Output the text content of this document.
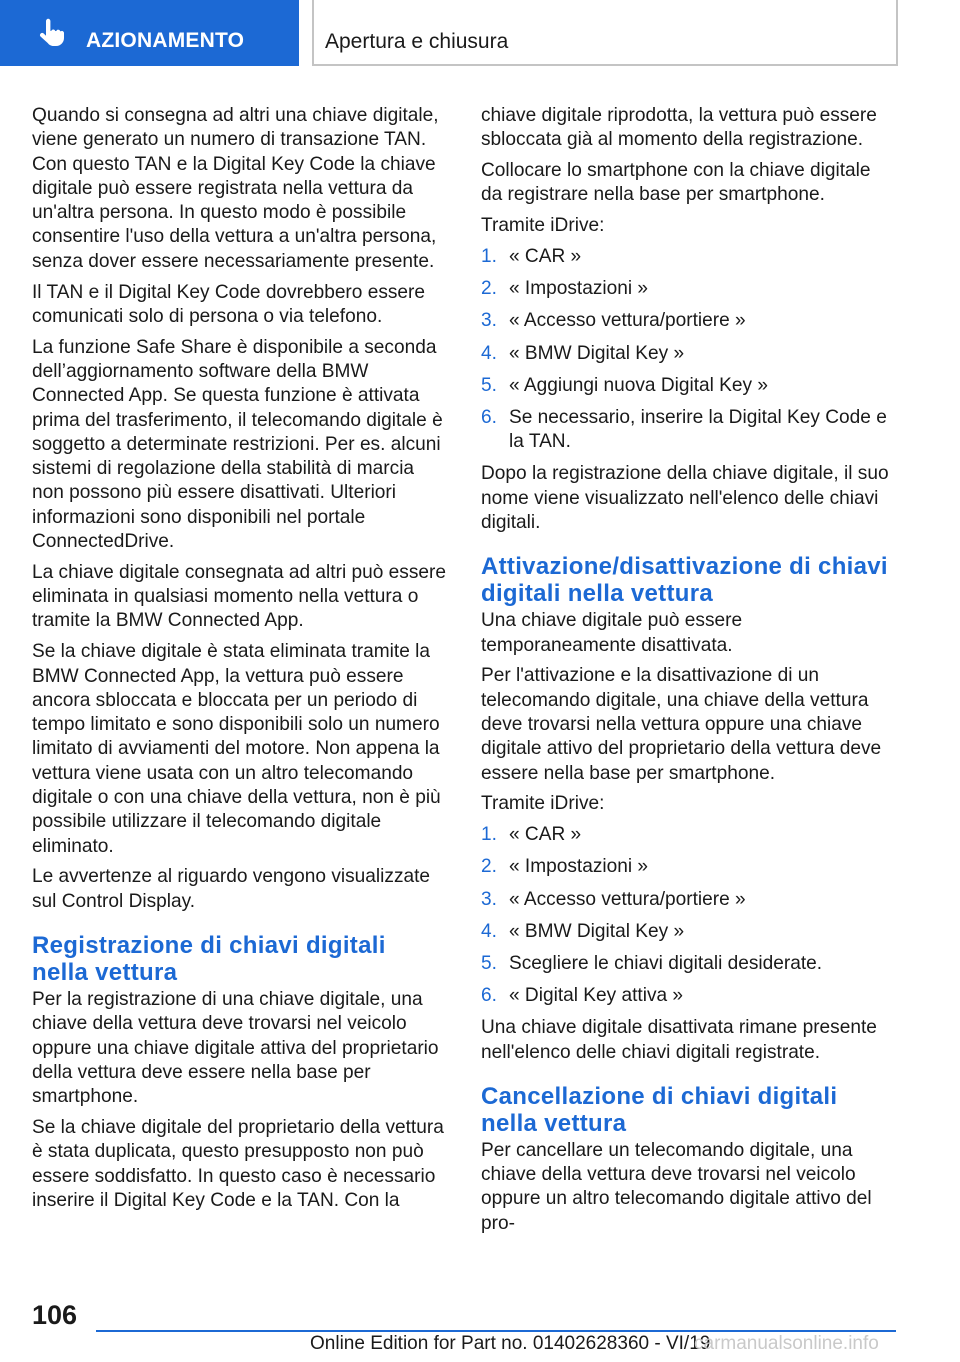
AZIONAMENTO	Apertura e chiusura

Quando si consegna ad altri una chiave digitale, viene generato un numero di transazione TAN. Con questo TAN e la Digital Key Code la chiave digitale può essere registrata nella vettura da un'altra persona. In questo modo è possibile consentire l'uso della vettura a un'altra persona, senza dover essere necessariamente presente.

Il TAN e il Digital Key Code dovrebbero essere comunicati solo di persona o via telefono.

La funzione Safe Share è disponibile a seconda dell’aggiornamento software della BMW Connected App. Se questa funzione è attivata prima del trasferimento, il telecomando digitale è soggetto a determinate restrizioni. Per es. alcuni sistemi di regolazione della stabilità di marcia non possono più essere disattivati. Ulteriori informazioni sono disponibili nel portale ConnectedDrive.

La chiave digitale consegnata ad altri può essere eliminata in qualsiasi momento nella vettura o tramite la BMW Connected App.

Se la chiave digitale è stata eliminata tramite la BMW Connected App, la vettura può essere ancora sbloccata e bloccata per un periodo di tempo limitato e sono disponibili solo un numero limitato di avviamenti del motore. Non appena la vettura viene usata con un altro telecomando digitale o con una chiave della vettura, non è più possibile utilizzare il telecomando digitale eliminato.

Le avvertenze al riguardo vengono visualizzate sul Control Display.

Registrazione di chiavi digitali nella vettura

Per la registrazione di una chiave digitale, una chiave della vettura deve trovarsi nel veicolo oppure una chiave digitale attiva del proprietario della vettura deve essere nella base per smartphone.

Se la chiave digitale del proprietario della vettura è stata duplicata, questo presupposto non può essere soddisfatto. In questo caso è necessario inserire il Digital Key Code e la TAN. Con la

chiave digitale riprodotta, la vettura può essere sbloccata già al momento della registrazione.

Collocare lo smartphone con la chiave digitale da registrare nella base per smartphone.

Tramite iDrive:

1. « CAR »
2. « Impostazioni »
3. « Accesso vettura/portiere »
4. « BMW Digital Key »
5. « Aggiungi nuova Digital Key »
6. Se necessario, inserire la Digital Key Code e la TAN.

Dopo la registrazione della chiave digitale, il suo nome viene visualizzato nell'elenco delle chiavi digitali.

Attivazione/disattivazione di chiavi digitali nella vettura

Una chiave digitale può essere temporaneamente disattivata.

Per l'attivazione e la disattivazione di un telecomando digitale, una chiave della vettura deve trovarsi nella vettura oppure una chiave digitale attivo del proprietario della vettura deve essere nella base per smartphone.

Tramite iDrive:

1. « CAR »
2. « Impostazioni »
3. « Accesso vettura/portiere »
4. « BMW Digital Key »
5. Scegliere le chiavi digitali desiderate.
6. « Digital Key attiva »

Una chiave digitale disattivata rimane presente nell'elenco delle chiavi digitali registrate.

Cancellazione di chiavi digitali nella vettura

Per cancellare un telecomando digitale, una chiave della vettura deve trovarsi nel veicolo oppure un altro telecomando digitale attivo del pro-

106
Online Edition for Part no. 01402628360 - VI/19
carmanualsonline.info
